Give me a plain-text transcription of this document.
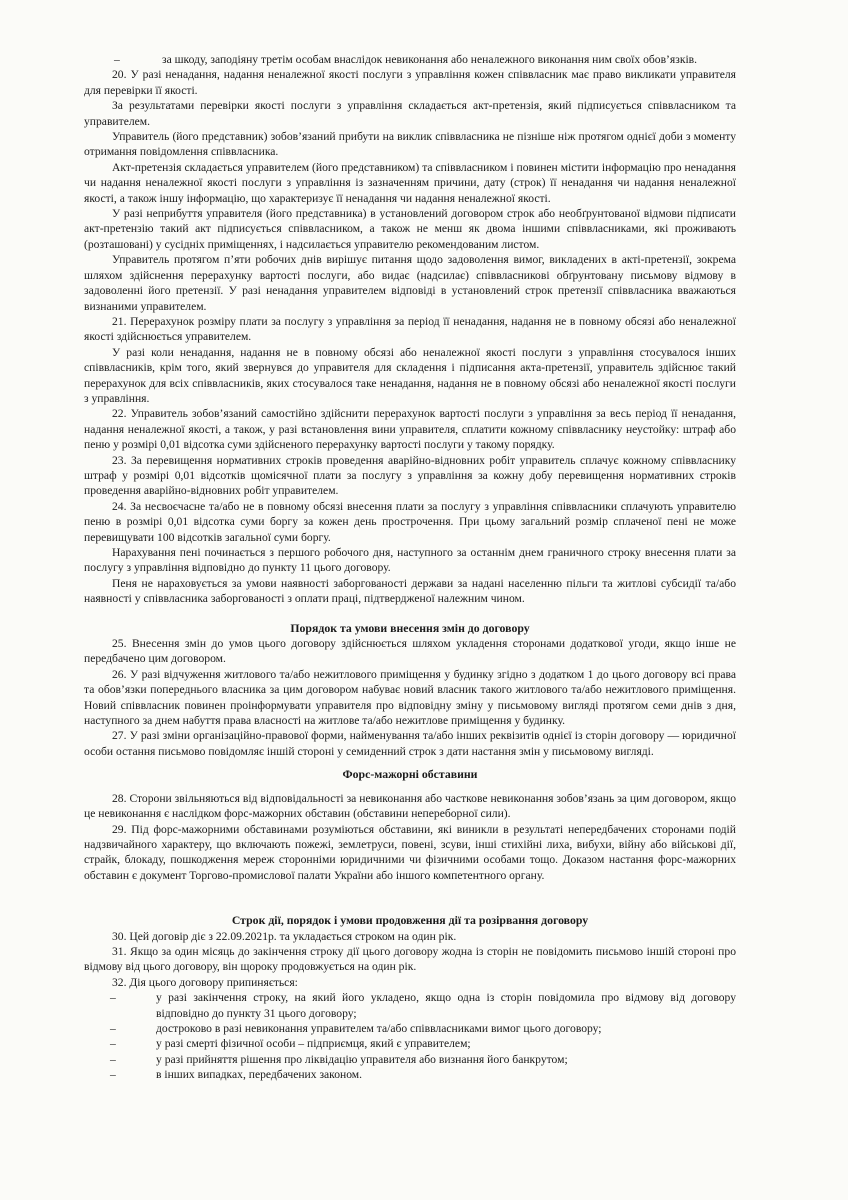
– за шкоду, заподіяну третім особам внаслідок невиконання або неналежного виконання ним своїх обов’язків.

20. У разі ненадання, надання неналежної якості послуги з управління кожен співвласник має право викликати управителя для перевірки її якості.

За результатами перевірки якості послуги з управління складається акт-претензія, який підписується співвласником та управителем.

Управитель (його представник) зобов’язаний прибути на виклик співвласника не пізніше ніж протягом однієї доби з моменту отримання повідомлення співвласника.

Акт-претензія складається управителем (його представником) та співвласником і повинен містити інформацію про ненадання чи надання неналежної якості послуги з управління із зазначенням причини, дату (строк) її ненадання чи надання неналежної якості, а також іншу інформацію, що характеризує її ненадання чи надання неналежної якості.

У разі неприбуття управителя (його представника) в установлений договором строк або необґрунтованої відмови підписати акт-претензію такий акт підписується співвласником, а також не менш як двома іншими співвласниками, які проживають (розташовані) у сусідніх приміщеннях, і надсилається управителю рекомендованим листом.

Управитель протягом п’яти робочих днів вирішує питання щодо задоволення вимог, викладених в акті-претензії, зокрема шляхом здійснення перерахунку вартості послуги, або видає (надсилає) співвласникові обґрунтовану письмову відмову в задоволенні його претензії. У разі ненадання управителем відповіді в установлений строк претензії співвласника вважаються визнаними управителем.

21. Перерахунок розміру плати за послугу з управління за період її ненадання, надання не в повному обсязі або неналежної якості здійснюється управителем.

У разі коли ненадання, надання не в повному обсязі або неналежної якості послуги з управління стосувалося інших співвласників, крім того, який звернувся до управителя для складення і підписання акта-претензії, управитель здійснює такий перерахунок для всіх співвласників, яких стосувалося таке ненадання, надання не в повному обсязі або неналежної якості послуги з управління.

22. Управитель зобов’язаний самостійно здійснити перерахунок вартості послуги з управління за весь період її ненадання, надання неналежної якості, а також, у разі встановлення вини управителя, сплатити кожному співвласнику неустойку: штраф або пеню у розмірі 0,01 відсотка суми здійсненого перерахунку вартості послуги у такому порядку.

23. За перевищення нормативних строків проведення аварійно-відновних робіт управитель сплачує кожному співвласнику штраф у розмірі 0,01 відсотків щомісячної плати за послугу з управління за кожну добу перевищення нормативних строків проведення аварійно-відновних робіт управителем.

24. За несвоєчасне та/або не в повному обсязі внесення плати за послугу з управління співвласники сплачують управителю пеню в розмірі 0,01 відсотка суми боргу за кожен день прострочення. При цьому загальний розмір сплаченої пені не може перевищувати 100 відсотків загальної суми боргу.

Нарахування пені починається з першого робочого дня, наступного за останнім днем граничного строку внесення плати за послугу з управління відповідно до пункту 11 цього договору.

Пеня не нараховується за умови наявності заборгованості держави за надані населенню пільги та житлові субсидії та/або наявності у співвласника заборгованості з оплати праці, підтвердженої належним чином.

Порядок та умови внесення змін до договору

25. Внесення змін до умов цього договору здійснюється шляхом укладення сторонами додаткової угоди, якщо інше не передбачено цим договором.

26. У разі відчуження житлового та/або нежитлового приміщення у будинку згідно з додатком 1 до цього договору всі права та обов’язки попереднього власника за цим договором набуває новий власник такого житлового та/або нежитлового приміщення. Новий співвласник повинен проінформувати управителя про відповідну зміну у письмовому вигляді протягом семи днів з дня, наступного за днем набуття права власності на житлове та/або нежитлове приміщення у будинку.

27. У разі зміни організаційно-правової форми, найменування та/або інших реквізитів однієї із сторін договору — юридичної особи остання письмово повідомляє іншій стороні у семиденний строк з дати настання змін у письмовому вигляді.

Форс-мажорні обставини

28. Сторони звільняються від відповідальності за невиконання або часткове невиконання зобов’язань за цим договором, якщо це невиконання є наслідком форс-мажорних обставин (обставини непереборної сили).

29. Під форс-мажорними обставинами розуміються обставини, які виникли в результаті непередбачених сторонами подій надзвичайного характеру, що включають пожежі, землетруси, повені, зсуви, інші стихійні лиха, вибухи, війну або військові дії, страйк, блокаду, пошкодження мереж сторонніми юридичними чи фізичними особами тощо. Доказом настання форс-мажорних обставин є документ Торгово-промислової палати України або іншого компетентного органу.

Строк дії, порядок і умови продовження дії та розірвання договору

30. Цей договір діє з 22.09.2021р. та укладається строком на один рік.

31. Якщо за один місяць до закінчення строку дії цього договору жодна із сторін не повідомить письмово іншій стороні про відмову від цього договору, він щороку продовжується на один рік.

32. Дія цього договору припиняється:

– у разі закінчення строку, на який його укладено, якщо одна із сторін повідомила про відмову від договору відповідно до пункту 31 цього договору;

– достроково в разі невиконання управителем та/або співвласниками вимог цього договору;

– у разі смерті фізичної особи – підприємця, який є управителем;

– у разі прийняття рішення про ліквідацію управителя або визнання його банкрутом;

– в інших випадках, передбачених законом.
